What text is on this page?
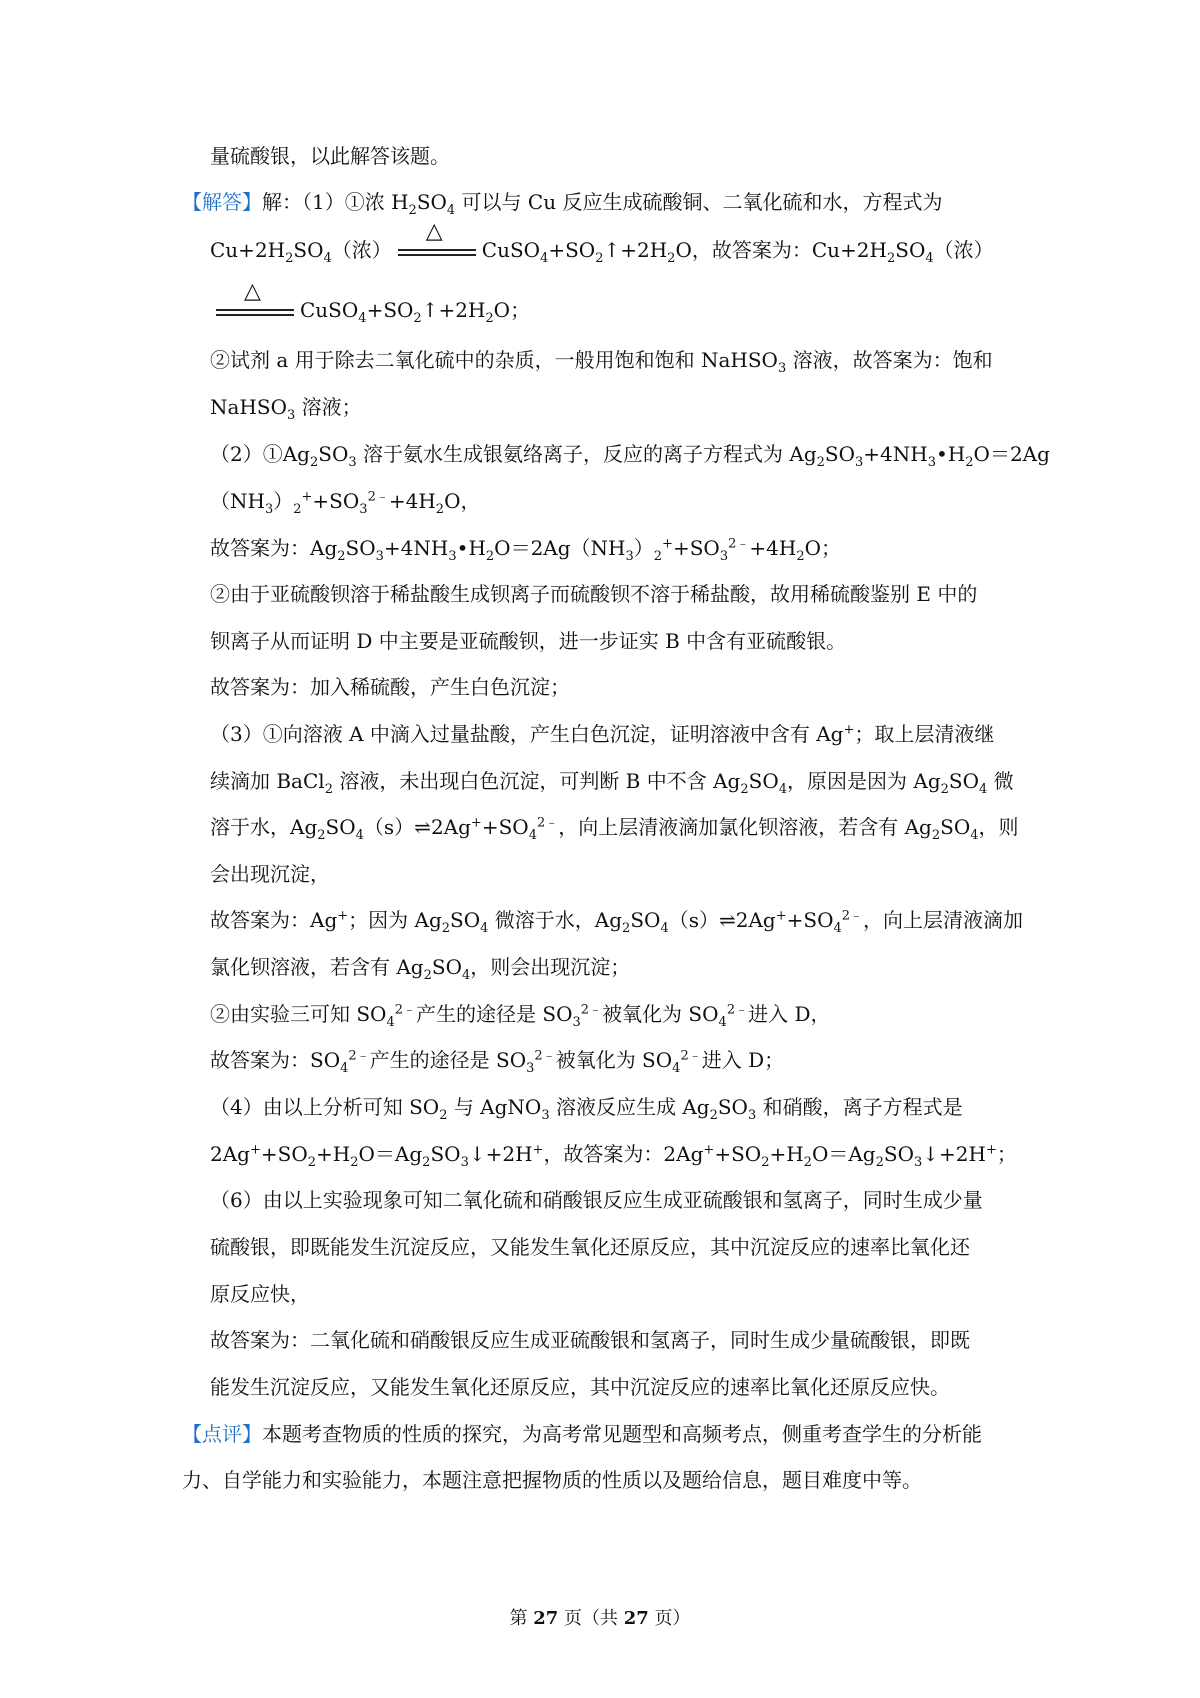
量硫酸银，以此解答该题。
【解答】解：（1）①浓 $H_2SO_4$ 可以与 Cu 反应生成硫酸铜、二氧化硫和水，方程式为
$Cu+2H_2SO_4$（浓）
△
$CuSO_4+SO_2↑+2H_2O$，故答案为：$Cu+2H_2SO_4$（浓）
△
$CuSO_4+SO_2↑+2H_2O$；
②试剂 a 用于除去二氧化硫中的杂质，一般用饱和饱和 NaHSO$_3$ 溶液，故答案为：饱和
NaHSO$_3$ 溶液；
$(2)①Ag_2SO_3$ 溶于氨水生成银氨络离子，反应的离子方程式为 $Ag_2SO_3+4NH_3•H_2O=2Ag$
$(NH_3)_2^++SO_3^{2﹣}+4H_2O$，
故答案为：$Ag_2SO_3+4NH_3•H_2O=2Ag(NH_3)_2^++SO_3^{2﹣}+4H_2O$；
②由于亚硫酸钡溶于稀盐酸生成钡离子而硫酸钡不溶于稀盐酸，故用稀硫酸鉴别 E 中的
钡离子从而证明 D 中主要是亚硫酸钡，进一步证实 B 中含有亚硫酸银。
故答案为：加入稀硫酸，产生白色沉淀；
（3）①向溶液 A 中滴入过量盐酸，产生白色沉淀，证明溶液中含有 Ag+；取上层清液继
续滴加 BaCl$_2$ 溶液，未出现白色沉淀，可判断 B 中不含 $Ag_2SO_4$，原因是因为 $Ag_2SO_4$ 微
溶于水，$Ag_2SO_4(s)\rightleftharpoons 2Ag^++SO_4^{2﹣}$，向上层清液滴加氯化钡溶液，若含有 $Ag_2SO_4$，则
会出现沉淀，
故答案为：Ag+；因为 $Ag_2SO_4$ 微溶于水，$Ag_2SO_4(s)\rightleftharpoons 2Ag^++SO_4^{2﹣}$，向上层清液滴加
氯化钡溶液，若含有 $Ag_2SO_4$，则会出现沉淀；
②由实验三可知 $SO_4^{2﹣}$产生的途径是 $SO_3^{2﹣}$被氧化为 $SO_4^{2﹣}$进入 D，
故答案为：$SO_4^{2﹣}$产生的途径是 $SO_3^{2﹣}$被氧化为 $SO_4^{2﹣}$进入 D；
（4）由以上分析可知 $SO_2$ 与 AgNO$_3$ 溶液反应生成 $Ag_2SO_3$ 和硝酸，离子方程式是
$2Ag^++SO_2+H_2O=Ag_2SO_3↓+2H^+$，故答案为：$2Ag^++SO_2+H_2O=Ag_2SO_3↓+2H^+$；
（6）由以上实验现象可知二氧化硫和硝酸银反应生成亚硫酸银和氢离子，同时生成少量
硫酸银，即既能发生沉淀反应，又能发生氧化还原反应，其中沉淀反应的速率比氧化还
原反应快，
故答案为：二氧化硫和硝酸银反应生成亚硫酸银和氢离子，同时生成少量硫酸银，即既
能发生沉淀反应，又能发生氧化还原反应，其中沉淀反应的速率比氧化还原反应快。
【点评】本题考查物质的性质的探究，为高考常见题型和高频考点，侧重考查学生的分析能
力、自学能力和实验能力，本题注意把握物质的性质以及题给信息，题目难度中等。
第 27 页（共 27 页）
